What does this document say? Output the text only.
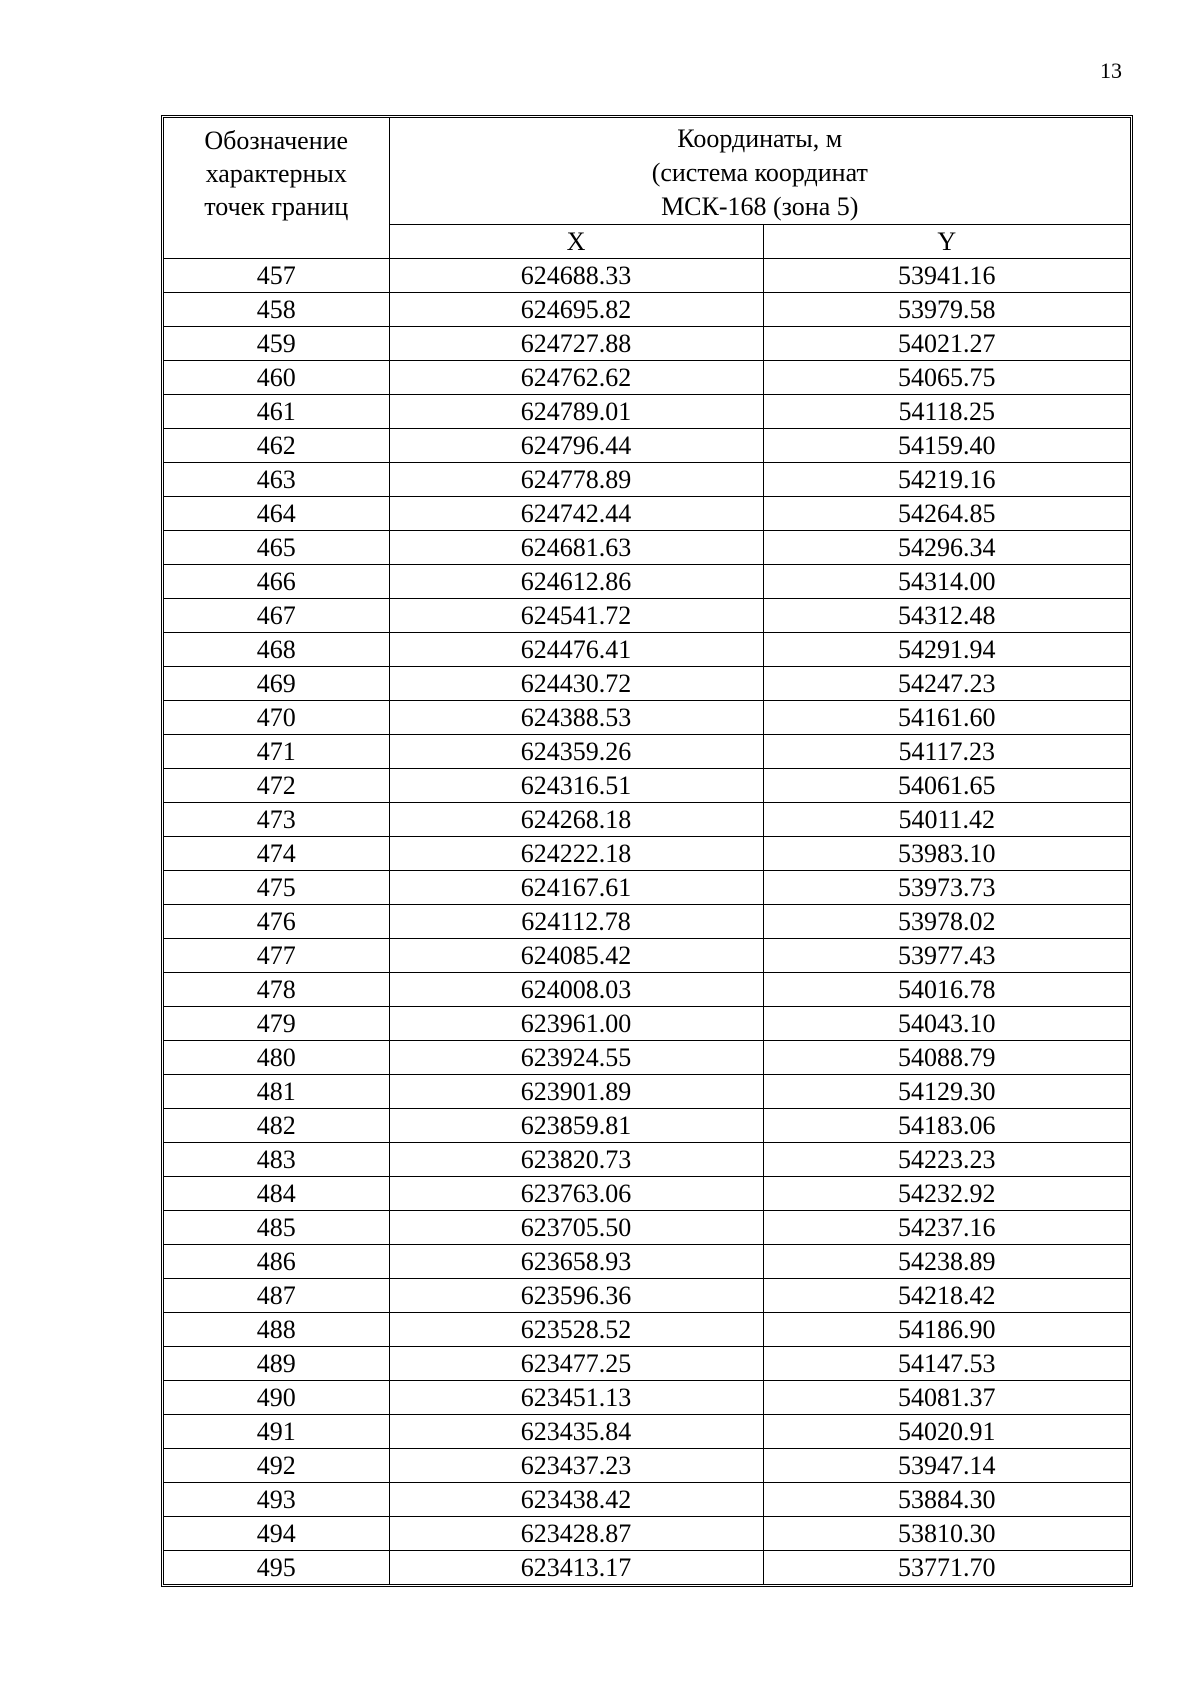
13
Обозначение
характерных
точек границ	Координаты, м
(система координат
МСК-168 (зона 5)	

	X	Y
457	624688.33	53941.16
458	624695.82	53979.58
459	624727.88	54021.27
460	624762.62	54065.75
461	624789.01	54118.25
462	624796.44	54159.40
463	624778.89	54219.16
464	624742.44	54264.85
465	624681.63	54296.34
466	624612.86	54314.00
467	624541.72	54312.48
468	624476.41	54291.94
469	624430.72	54247.23
470	624388.53	54161.60
471	624359.26	54117.23
472	624316.51	54061.65
473	624268.18	54011.42
474	624222.18	53983.10
475	624167.61	53973.73
476	624112.78	53978.02
477	624085.42	53977.43
478	624008.03	54016.78
479	623961.00	54043.10
480	623924.55	54088.79
481	623901.89	54129.30
482	623859.81	54183.06
483	623820.73	54223.23
484	623763.06	54232.92
485	623705.50	54237.16
486	623658.93	54238.89
487	623596.36	54218.42
488	623528.52	54186.90
489	623477.25	54147.53
490	623451.13	54081.37
491	623435.84	54020.91
492	623437.23	53947.14
493	623438.42	53884.30
494	623428.87	53810.30
495	623413.17	53771.70
